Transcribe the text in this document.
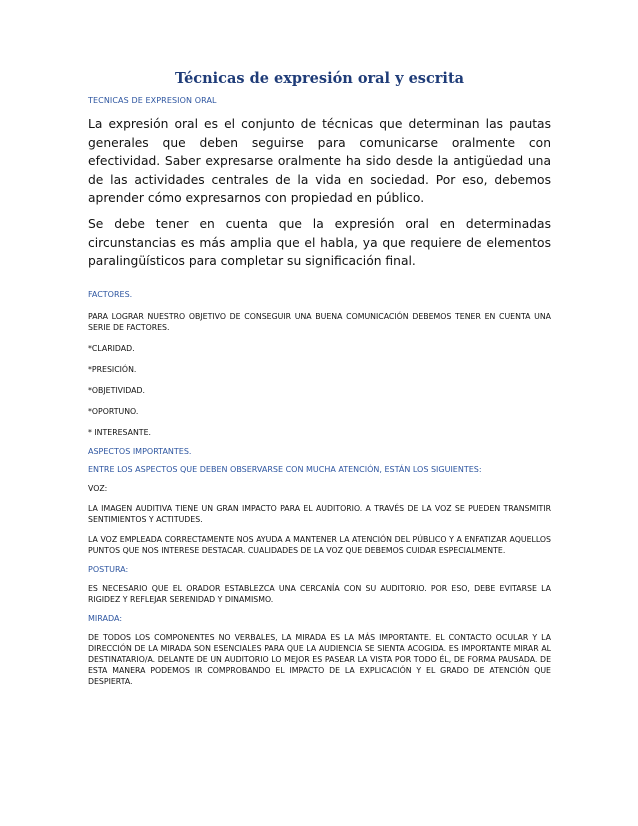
Técnicas de expresión oral y escrita

TECNICAS DE EXPRESION ORAL

La expresión oral es el conjunto de técnicas que determinan las pautas generales que deben seguirse para comunicarse oralmente con efectividad. Saber expresarse oralmente ha sido desde la antigüedad una de las actividades centrales de la vida en sociedad. Por eso, debemos aprender cómo expresarnos con propiedad en público.

Se debe tener en cuenta que la expresión oral en determinadas circunstancias es más amplia que el habla, ya que requiere de elementos paralingüísticos para completar su significación final.

FACTORES.

PARA LOGRAR NUESTRO OBJETIVO DE CONSEGUIR UNA BUENA COMUNICACIÓN DEBEMOS TENER EN CUENTA UNA SERIE DE FACTORES.

*CLARIDAD.

*PRESICIÓN.

*OBJETIVIDAD.

*OPORTUNO.

* INTERESANTE.

ASPECTOS IMPORTANTES.

ENTRE LOS ASPECTOS QUE DEBEN OBSERVARSE CON MUCHA ATENCIÓN, ESTÁN LOS SIGUIENTES:

VOZ:

LA IMAGEN AUDITIVA TIENE UN GRAN IMPACTO PARA EL AUDITORIO. A TRAVÉS DE LA VOZ SE PUEDEN TRANSMITIR SENTIMIENTOS Y ACTITUDES.

LA VOZ EMPLEADA CORRECTAMENTE NOS AYUDA A MANTENER LA ATENCIÓN DEL PÚBLICO Y A ENFATIZAR AQUELLOS PUNTOS QUE NOS INTERESE DESTACAR. CUALIDADES DE LA VOZ QUE DEBEMOS CUIDAR ESPECIALMENTE.

POSTURA:

ES NECESARIO QUE EL ORADOR ESTABLEZCA UNA CERCANÍA CON SU AUDITORIO. POR ESO, DEBE EVITARSE LA RIGIDEZ Y REFLEJAR SERENIDAD Y DINAMISMO.

MIRADA:

DE TODOS LOS COMPONENTES NO VERBALES, LA MIRADA ES LA MÁS IMPORTANTE. EL CONTACTO OCULAR Y LA DIRECCIÓN DE LA MIRADA SON ESENCIALES PARA QUE LA AUDIENCIA SE SIENTA ACOGIDA. ES IMPORTANTE MIRAR AL DESTINATARIO/A. DELANTE DE UN AUDITORIO LO MEJOR ES PASEAR LA VISTA POR TODO ÉL, DE FORMA PAUSADA. DE ESTA MANERA PODEMOS IR COMPROBANDO EL IMPACTO DE LA EXPLICACIÓN Y EL GRADO DE ATENCIÓN QUE DESPIERTA.
